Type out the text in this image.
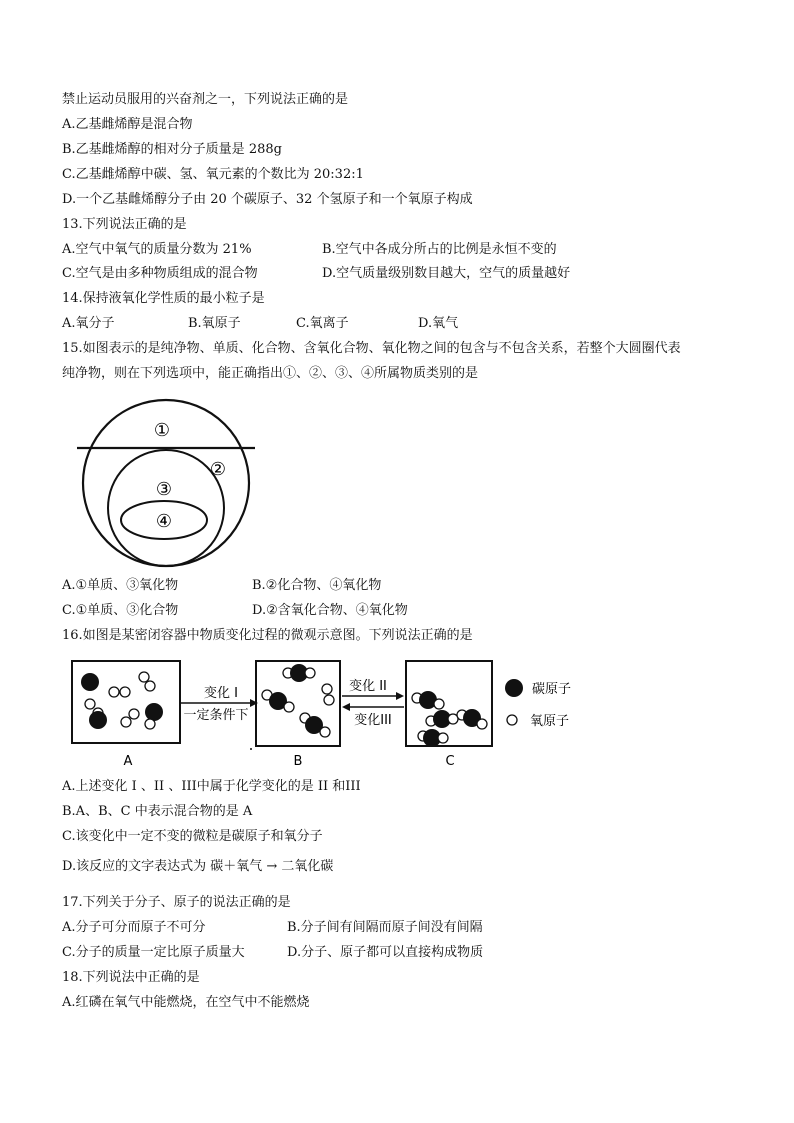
禁止运动员服用的兴奋剂之一，下列说法正确的是
A.乙基雌烯醇是混合物
B.乙基雌烯醇的相对分子质量是 288g
C.乙基雌烯醇中碳、氢、氧元素的个数比为 20:32:1
D.一个乙基雌烯醇分子由 20 个碳原子、32 个氢原子和一个氧原子构成
13.下列说法正确的是
A.空气中氧气的质量分数为 21%	B.空气中各成分所占的比例是永恒不变的
C.空气是由多种物质组成的混合物	D.空气质量级别数目越大，空气的质量越好
14.保持液氧化学性质的最小粒子是
A.氧分子	B.氧原子	C.氧离子	D.氧气
15.如图表示的是纯净物、单质、化合物、含氧化合物、氧化物之间的包含与不包含关系，若整个大圆圈代表
纯净物，则在下列选项中，能正确指出①、②、③、④所属物质类别的是
①
②
③
④
A.①单质、③氧化物	B.②化合物、④氧化物
C.①单质、③化合物	D.②含氧化合物、④氧化物
16.如图是某密闭容器中物质变化过程的微观示意图。下列说法正确的是
A
变化 I
一定条件下
B
变化 II
变化III
C
碳原子
氧原子
A.上述变化 I 、II 、III中属于化学变化的是 II 和III
B.A、B、C 中表示混合物的是 A
C.该变化中一定不变的微粒是碳原子和氧分子
D.该反应的文字表达式为 碳＋氧气 → 二氧化碳
17.下列关于分子、原子的说法正确的是
A.分子可分而原子不可分	B.分子间有间隔而原子间没有间隔
C.分子的质量一定比原子质量大	D.分子、原子都可以直接构成物质
18.下列说法中正确的是
A.红磷在氧气中能燃烧，在空气中不能燃烧
